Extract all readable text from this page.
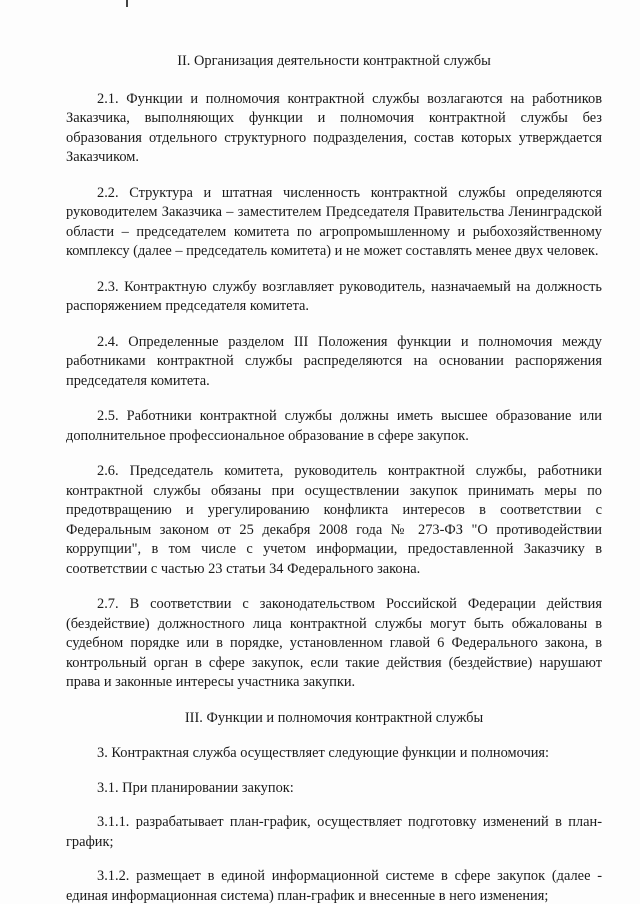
II. Организация деятельности контрактной службы

2.1. Функции и полномочия контрактной службы возлагаются на работников Заказчика, выполняющих функции и полномочия контрактной службы без образования отдельного структурного подразделения, состав которых утверждается Заказчиком.

2.2. Структура и штатная численность контрактной службы определяются руководителем Заказчика – заместителем Председателя Правительства Ленинградской области – председателем комитета по агропромышленному и рыбохозяйственному комплексу (далее – председатель комитета) и не может составлять менее двух человек.

2.3. Контрактную службу возглавляет руководитель, назначаемый на должность распоряжением председателя комитета.

2.4. Определенные разделом III Положения функции и полномочия между работниками контрактной службы распределяются на основании распоряжения председателя комитета.

2.5. Работники контрактной службы должны иметь высшее образование или дополнительное профессиональное образование в сфере закупок.

2.6. Председатель комитета, руководитель контрактной службы, работники контрактной службы обязаны при осуществлении закупок принимать меры по предотвращению и урегулированию конфликта интересов в соответствии с Федеральным законом от 25 декабря 2008 года № 273-ФЗ "О противодействии коррупции", в том числе с учетом информации, предоставленной Заказчику в соответствии с частью 23 статьи 34 Федерального закона.

2.7. В соответствии с законодательством Российской Федерации действия (бездействие) должностного лица контрактной службы могут быть обжалованы в судебном порядке или в порядке, установленном главой 6 Федерального закона, в контрольный орган в сфере закупок, если такие действия (бездействие) нарушают права и законные интересы участника закупки.

III. Функции и полномочия контрактной службы

3. Контрактная служба осуществляет следующие функции и полномочия:

3.1. При планировании закупок:

3.1.1. разрабатывает план-график, осуществляет подготовку изменений в план-график;

3.1.2. размещает в единой информационной системе в сфере закупок (далее - единая информационная система) план-график и внесенные в него изменения;
